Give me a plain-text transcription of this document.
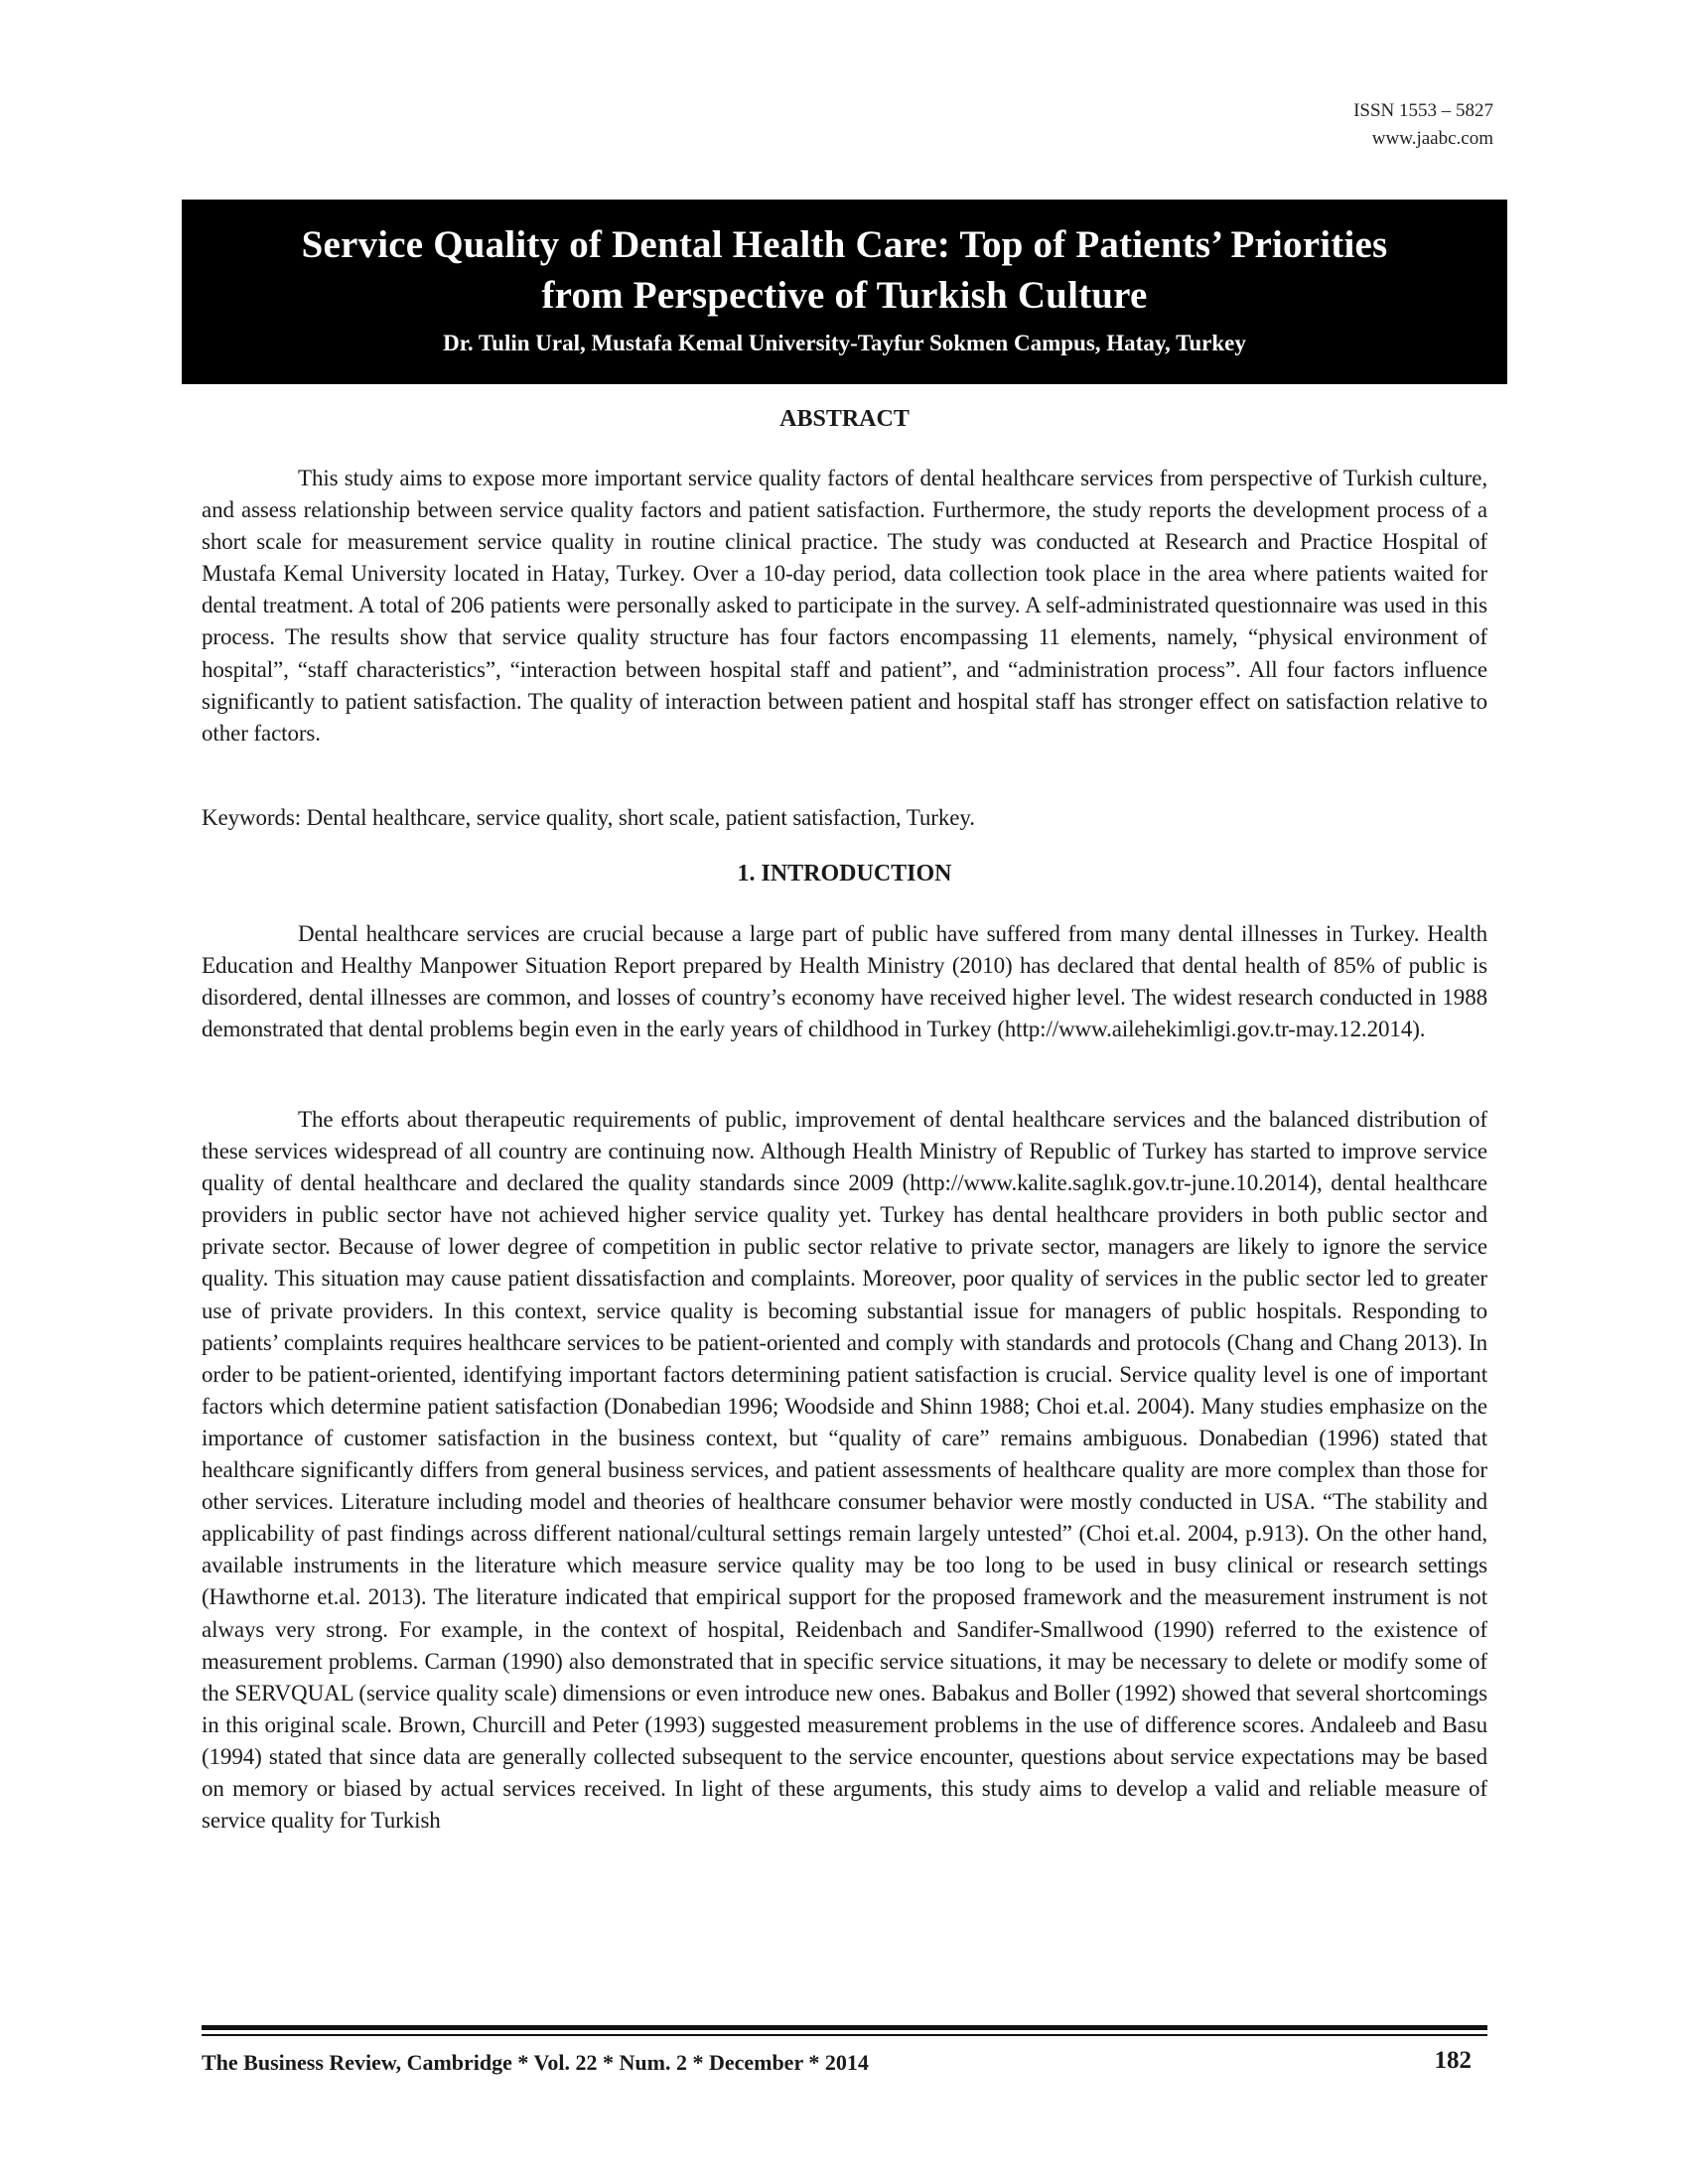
ISSN 1553 – 5827
www.jaabc.com
Service Quality of Dental Health Care: Top of Patients’ Priorities
from Perspective of Turkish Culture
Dr. Tulin Ural, Mustafa Kemal University-Tayfur Sokmen Campus, Hatay, Turkey
ABSTRACT

This study aims to expose more important service quality factors of dental healthcare services from perspective of Turkish culture, and assess relationship between service quality factors and patient satisfaction. Furthermore, the study reports the development process of a short scale for measurement service quality in routine clinical practice. The study was conducted at Research and Practice Hospital of Mustafa Kemal University located in Hatay, Turkey. Over a 10-day period, data collection took place in the area where patients waited for dental treatment. A total of 206 patients were personally asked to participate in the survey. A self-administrated questionnaire was used in this process. The results show that service quality structure has four factors encompassing 11 elements, namely, “physical environment of hospital”, “staff characteristics”, “interaction between hospital staff and patient”, and “administration process”. All four factors influence significantly to patient satisfaction. The quality of interaction between patient and hospital staff has stronger effect on satisfaction relative to other factors.

Keywords: Dental healthcare, service quality, short scale, patient satisfaction, Turkey.

1. INTRODUCTION

Dental healthcare services are crucial because a large part of public have suffered from many dental illnesses in Turkey. Health Education and Healthy Manpower Situation Report prepared by Health Ministry (2010) has declared that dental health of 85% of public is disordered, dental illnesses are common, and losses of country’s economy have received higher level. The widest research conducted in 1988 demonstrated that dental problems begin even in the early years of childhood in Turkey (http://www.ailehekimligi.gov.tr-may.12.2014).

The efforts about therapeutic requirements of public, improvement of dental healthcare services and the balanced distribution of these services widespread of all country are continuing now. Although Health Ministry of Republic of Turkey has started to improve service quality of dental healthcare and declared the quality standards since 2009 (http://www.kalite.saglık.gov.tr-june.10.2014), dental healthcare providers in public sector have not achieved higher service quality yet. Turkey has dental healthcare providers in both public sector and private sector. Because of lower degree of competition in public sector relative to private sector, managers are likely to ignore the service quality. This situation may cause patient dissatisfaction and complaints. Moreover, poor quality of services in the public sector led to greater use of private providers. In this context, service quality is becoming substantial issue for managers of public hospitals. Responding to patients’ complaints requires healthcare services to be patient-oriented and comply with standards and protocols (Chang and Chang 2013). In order to be patient-oriented, identifying important factors determining patient satisfaction is crucial. Service quality level is one of important factors which determine patient satisfaction (Donabedian 1996; Woodside and Shinn 1988; Choi et.al. 2004). Many studies emphasize on the importance of customer satisfaction in the business context, but “quality of care” remains ambiguous. Donabedian (1996) stated that healthcare significantly differs from general business services, and patient assessments of healthcare quality are more complex than those for other services. Literature including model and theories of healthcare consumer behavior were mostly conducted in USA. “The stability and applicability of past findings across different national/cultural settings remain largely untested” (Choi et.al. 2004, p.913). On the other hand, available instruments in the literature which measure service quality may be too long to be used in busy clinical or research settings (Hawthorne et.al. 2013). The literature indicated that empirical support for the proposed framework and the measurement instrument is not always very strong. For example, in the context of hospital, Reidenbach and Sandifer-Smallwood (1990) referred to the existence of measurement problems. Carman (1990) also demonstrated that in specific service situations, it may be necessary to delete or modify some of the SERVQUAL (service quality scale) dimensions or even introduce new ones. Babakus and Boller (1992) showed that several shortcomings in this original scale. Brown, Churcill and Peter (1993) suggested measurement problems in the use of difference scores. Andaleeb and Basu (1994) stated that since data are generally collected subsequent to the service encounter, questions about service expectations may be based on memory or biased by actual services received. In light of these arguments, this study aims to develop a valid and reliable measure of service quality for Turkish

The Business Review, Cambridge * Vol. 22 * Num. 2 * December * 2014	182
